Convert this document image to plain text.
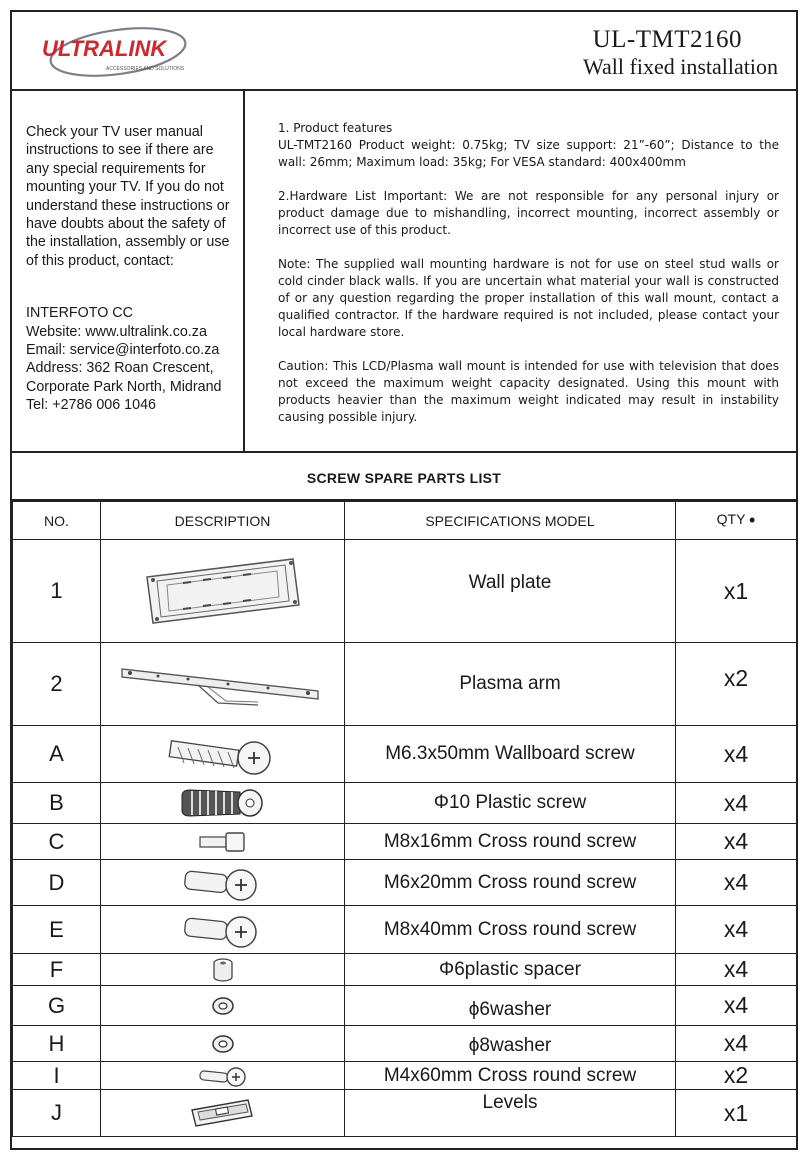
ULTRALINK
ACCESSORIES AND SOLUTIONS
UL-TMT2160
Wall fixed installation
Check your TV user manual instructions to see if there are any special requirements for mounting your TV. If you do not understand these instructions or have doubts about the safety of the installation, assembly or use of this product, contact:
INTERFOTO CC
Website: www.ultralink.co.za
Email: service@interfoto.co.za
Address: 362 Roan Crescent,
Corporate Park North, Midrand
Tel: +2786 006 1046

1. Product features
UL-TMT2160 Product weight: 0.75kg; TV size support: 21”-60”; Distance to the wall: 26mm; Maximum load: 35kg; For VESA standard: 400x400mm

2.Hardware List Important: We are not responsible for any personal injury or product damage due to mishandling, incorrect mounting, incorrect assembly or incorrect use of this product.

Note: The supplied wall mounting hardware is not for use on steel stud walls or cold cinder black walls. If you are uncertain what material your wall is constructed of or any question regarding the proper installation of this wall mount, contact a qualified contractor. If the hardware required is not included, please contact your local hardware store.

Caution: This LCD/Plasma wall mount is intended for use with television that does not exceed the maximum weight capacity designated. Using this mount with products heavier than the maximum weight indicated may result in instability causing possible injury.

SCREW SPARE PARTS LIST
NO.	DESCRIPTION	SPECIFICATIONS MODEL	QTY •
1		Wall plate	x1
2		Plasma arm	x2
A		M6.3x50mm Wallboard screw	x4
B		Φ10 Plastic screw	x4
C		M8x16mm Cross round screw	x4
D		M6x20mm Cross round screw	x4
E		M8x40mm Cross round screw	x4
F		Φ6plastic spacer	x4
G		ϕ6washer	x4
H		ϕ8washer	x4
I		M4x60mm Cross round screw	x2
J		Levels	x1
